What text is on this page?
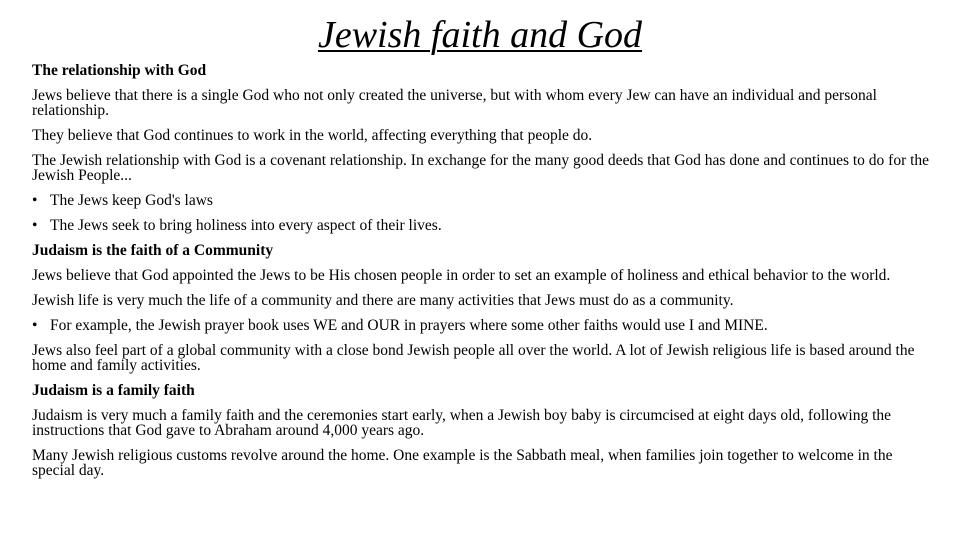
Jewish faith and God
The relationship with God
Jews believe that there is a single God who not only created the universe, but with whom every Jew can have an individual and personal relationship.
They believe that God continues to work in the world, affecting everything that people do.
The Jewish relationship with God is a covenant relationship. In exchange for the many good deeds that God has done and continues to do for the Jewish People...
• The Jews keep God's laws
• The Jews seek to bring holiness into every aspect of their lives.
Judaism is the faith of a Community
Jews believe that God appointed the Jews to be His chosen people in order to set an example of holiness and ethical behavior to the world.
Jewish life is very much the life of a community and there are many activities that Jews must do as a community.
• For example, the Jewish prayer book uses WE and OUR in prayers where some other faiths would use I and MINE.
Jews also feel part of a global community with a close bond Jewish people all over the world. A lot of Jewish religious life is based around the home and family activities.
Judaism is a family faith
Judaism is very much a family faith and the ceremonies start early, when a Jewish boy baby is circumcised at eight days old, following the instructions that God gave to Abraham around 4,000 years ago.
Many Jewish religious customs revolve around the home. One example is the Sabbath meal, when families join together to welcome in the special day.
